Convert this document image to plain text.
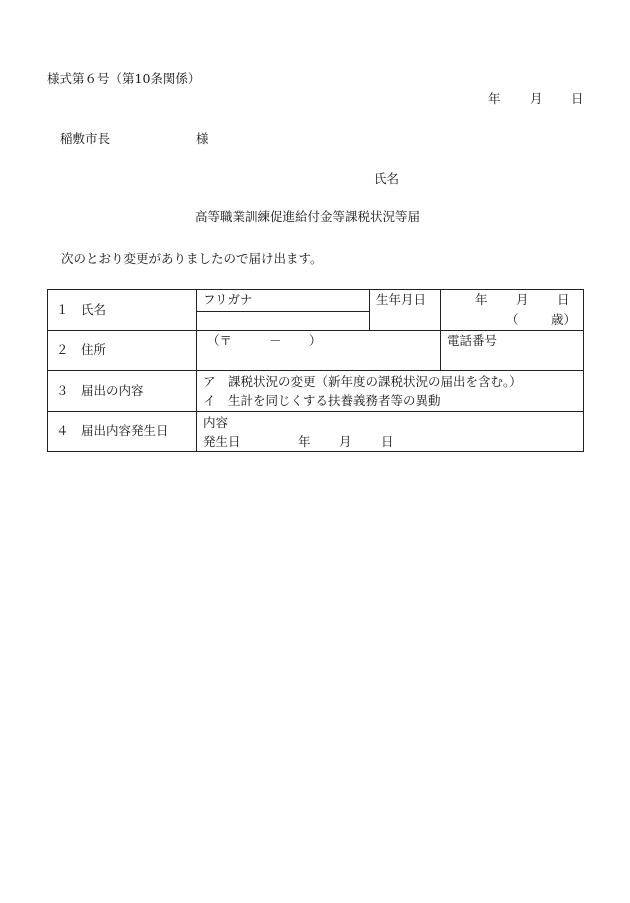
様式第６号（第10条関係）
年 月 日
稲敷市長	様
氏名
高等職業訓練促進給付金等課税状況等届
次のとおり変更がありましたので届け出ます。
１　氏名	フリガナ	生年月日	年 月 日
（ 歳）

２　住所	（〒 － ）		電話番号
３　届出の内容	ア　課税状況の変更（新年度の課税状況の届出を含む。）
イ　生計を同じくする扶養義務者等の異動		

４　届出内容発生日	内容
発生日 年 月 日		
